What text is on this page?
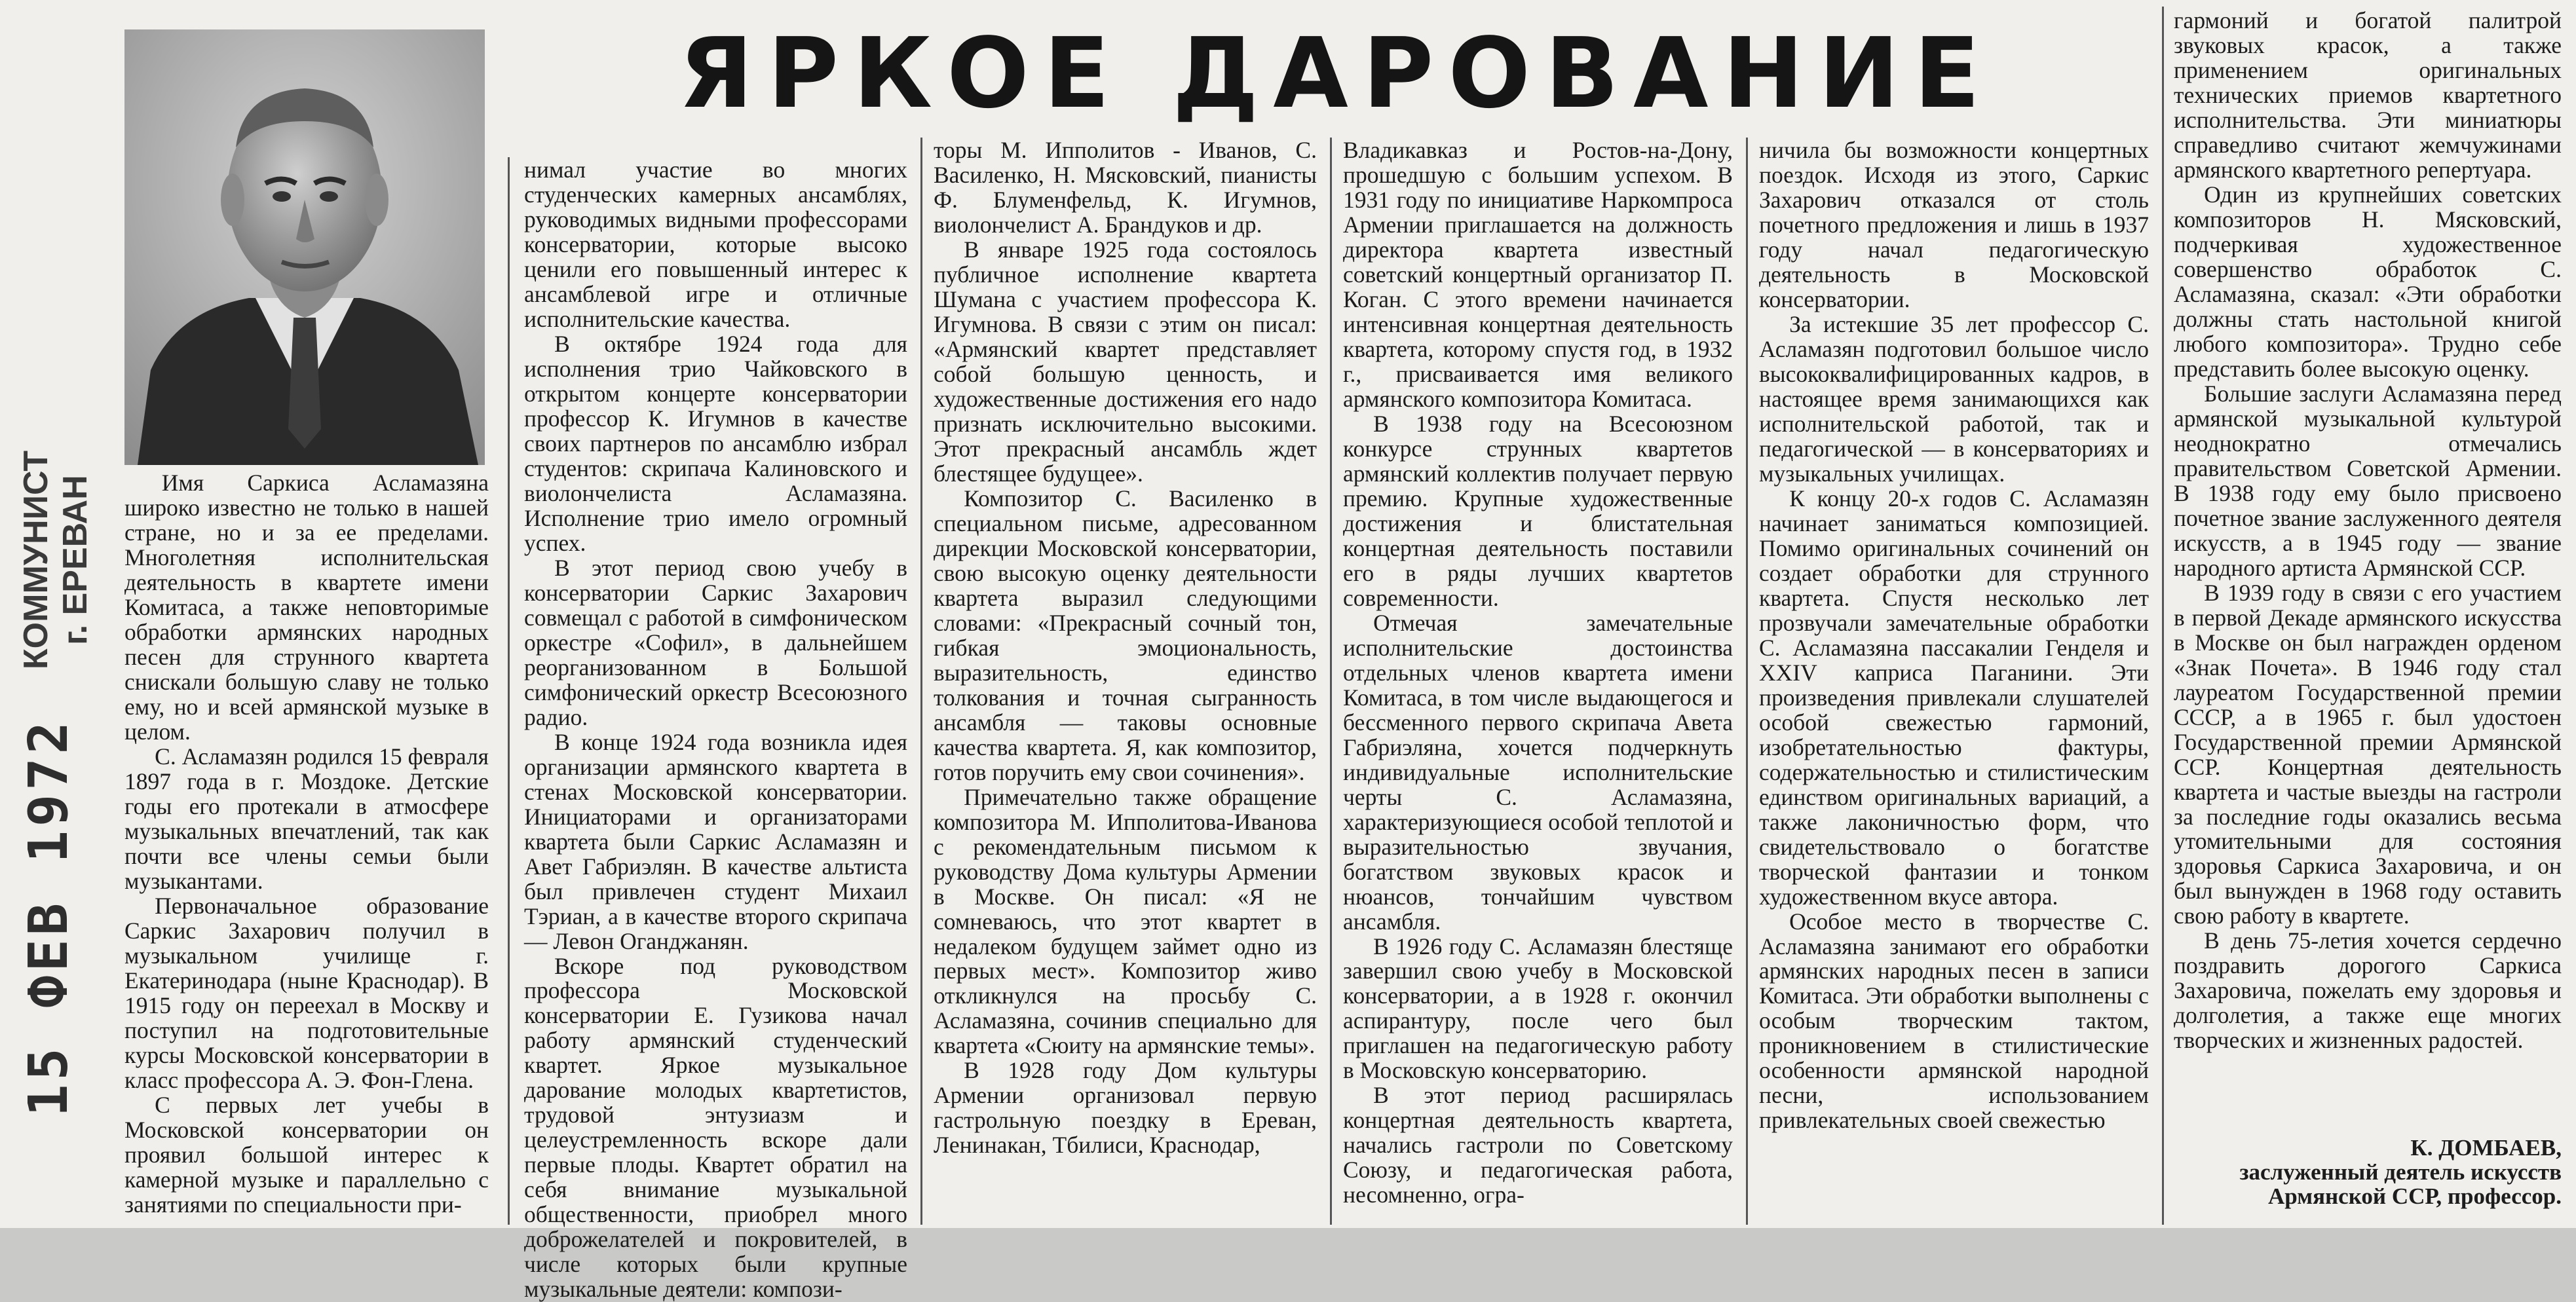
КОММУНИСТ г. ЕРЕВАН
15 ФЕВ 1972
ЯРКОЕ ДАРОВАНИЕ

Имя Саркиса Асламазяна широко известно не только в нашей стране, но и за ее пределами. Многолетняя исполнительская деятельность в квартете имени Комитаса, а также неповторимые обработки армянских народных песен для струнного квартета снискали большую славу не только ему, но и всей армянской музыке в целом.

С. Асламазян родился 15 февраля 1897 года в г. Моздоке. Детские годы его протекали в атмосфере музыкальных впечатлений, так как почти все члены семьи были музыкантами.

Первоначальное образование Саркис Захарович получил в музыкальном училище г. Екатеринодара (ныне Краснодар). В 1915 году он переехал в Москву и поступил на подготовительные курсы Московской консерватории в класс профессора А. Э. Фон-Глена.

С первых лет учебы в Московской консерватории он проявил большой интерес к камерной музыке и параллельно с занятиями по специальности при-

нимал участие во многих студенческих камерных ансамблях, руководимых видными профессорами консерватории, которые высоко ценили его повышенный интерес к ансамблевой игре и отличные исполнительские качества.

В октябре 1924 года для исполнения трио Чайковского в открытом концерте консерватории профессор К. Игумнов в качестве своих партнеров по ансамблю избрал студентов: скрипача Калиновского и виолончелиста Асламазяна. Исполнение трио имело огромный успех.

В этот период свою учебу в консерватории Саркис Захарович совмещал с работой в симфоническом оркестре «Софил», в дальнейшем реорганизованном в Большой симфонический оркестр Всесоюзного радио.

В конце 1924 года возникла идея организации армянского квартета в стенах Московской консерватории. Инициаторами и организаторами квартета были Саркис Асламазян и Авет Габриэлян. В качестве альтиста был привлечен студент Михаил Тэриан, а в качестве второго скрипача — Левон Оганджанян.

Вскоре под руководством профессора Московской консерватории Е. Гузикова начал работу армянский студенческий квартет. Яркое музыкальное дарование молодых квартетистов, трудовой энтузиазм и целеустремленность вскоре дали первые плоды. Квартет обратил на себя внимание музыкальной общественности, приобрел много доброжелателей и покровителей, в числе которых были крупные музыкальные деятели: компози-

торы М. Ипполитов - Иванов, С. Василенко, Н. Мясковский, пианисты Ф. Блуменфельд, К. Игумнов, виолончелист А. Брандуков и др.

В январе 1925 года состоялось публичное исполнение квартета Шумана с участием профессора К. Игумнова. В связи с этим он писал: «Армянский квартет представляет собой большую ценность, и художественные достижения его надо признать исключительно высокими. Этот прекрасный ансамбль ждет блестящее будущее».

Композитор С. Василенко в специальном письме, адресованном дирекции Московской консерватории, свою высокую оценку деятельности квартета выразил следующими словами: «Прекрасный сочный тон, гибкая эмоциональность, выразительность, единство толкования и точная сыгранность ансамбля — таковы основные качества квартета. Я, как композитор, готов поручить ему свои сочинения».

Примечательно также обращение композитора М. Ипполитова-Иванова с рекомендательным письмом к руководству Дома культуры Армении в Москве. Он писал: «Я не сомневаюсь, что этот квартет в недалеком будущем займет одно из первых мест». Композитор живо откликнулся на просьбу С. Асламазяна, сочинив специально для квартета «Сюиту на армянские темы».

В 1928 году Дом культуры Армении организовал первую гастрольную поездку в Ереван, Ленинакан, Тбилиси, Краснодар,

Владикавказ и Ростов-на-Дону, прошедшую с большим успехом. В 1931 году по инициативе Наркомпроса Армении приглашается на должность директора квартета известный советский концертный организатор П. Коган. С этого времени начинается интенсивная концертная деятельность квартета, которому спустя год, в 1932 г., присваивается имя великого армянского композитора Комитаса.

В 1938 году на Всесоюзном конкурсе струнных квартетов армянский коллектив получает первую премию. Крупные художественные достижения и блистательная концертная деятельность поставили его в ряды лучших квартетов современности.

Отмечая замечательные исполнительские достоинства отдельных членов квартета имени Комитаса, в том числе выдающегося и бессменного первого скрипача Авета Габриэляна, хочется подчеркнуть индивидуальные исполнительские черты С. Асламазяна, характеризующиеся особой теплотой и выразительностью звучания, богатством звуковых красок и нюансов, тончайшим чувством ансамбля.

В 1926 году С. Асламазян блестяще завершил свою учебу в Московской консерватории, а в 1928 г. окончил аспирантуру, после чего был приглашен на педагогическую работу в Московскую консерваторию.

В этот период расширялась концертная деятельность квартета, начались гастроли по Советскому Союзу, и педагогическая работа, несомненно, огра-

ничила бы возможности концертных поездок. Исходя из этого, Саркис Захарович отказался от столь почетного предложения и лишь в 1937 году начал педагогическую деятельность в Московской консерватории.

За истекшие 35 лет профессор С. Асламазян подготовил большое число высококвалифицированных кадров, в настоящее время занимающихся как исполнительской работой, так и педагогической — в консерваториях и музыкальных училищах.

К концу 20-х годов С. Асламазян начинает заниматься композицией. Помимо оригинальных сочинений он создает обработки для струнного квартета. Спустя несколько лет прозвучали замечательные обработки С. Асламазяна пассакалии Генделя и XXIV каприса Паганини. Эти произведения привлекали слушателей особой свежестью гармоний, изобретательностью фактуры, содержательностью и стилистическим единством оригинальных вариаций, а также лаконичностью форм, что свидетельствовало о богатстве творческой фантазии и тонком художественном вкусе автора.

Особое место в творчестве С. Асламазяна занимают его обработки армянских народных песен в записи Комитаса. Эти обработки выполнены с особым творческим тактом, проникновением в стилистические особенности армянской народной песни, использованием привлекательных своей свежестью

гармоний и богатой палитрой звуковых красок, а также применением оригинальных технических приемов квартетного исполнительства. Эти миниатюры справедливо считают жемчужинами армянского квартетного репертуара.

Один из крупнейших советских композиторов Н. Мясковский, подчеркивая художественное совершенство обработок С. Асламазяна, сказал: «Эти обработки должны стать настольной книгой любого композитора». Трудно себе представить более высокую оценку.

Большие заслуги Асламазяна перед армянской музыкальной культурой неоднократно отмечались правительством Советской Армении. В 1938 году ему было присвоено почетное звание заслуженного деятеля искусств, а в 1945 году — звание народного артиста Армянской ССР.

В 1939 году в связи с его участием в первой Декаде армянского искусства в Москве он был награжден орденом «Знак Почета». В 1946 году стал лауреатом Государственной премии СССР, а в 1965 г. был удостоен Государственной премии Армянской ССР. Концертная деятельность квартета и частые выезды на гастроли за последние годы оказались весьма утомительными для состояния здоровья Саркиса Захаровича, и он был вынужден в 1968 году оставить свою работу в квартете.

В день 75-летия хочется сердечно поздравить дорогого Саркиса Захаровича, пожелать ему здоровья и долголетия, а также еще многих творческих и жизненных радостей.

К. ДОМБАЕВ,
заслуженный деятель искусств Армянской ССР, профессор.
